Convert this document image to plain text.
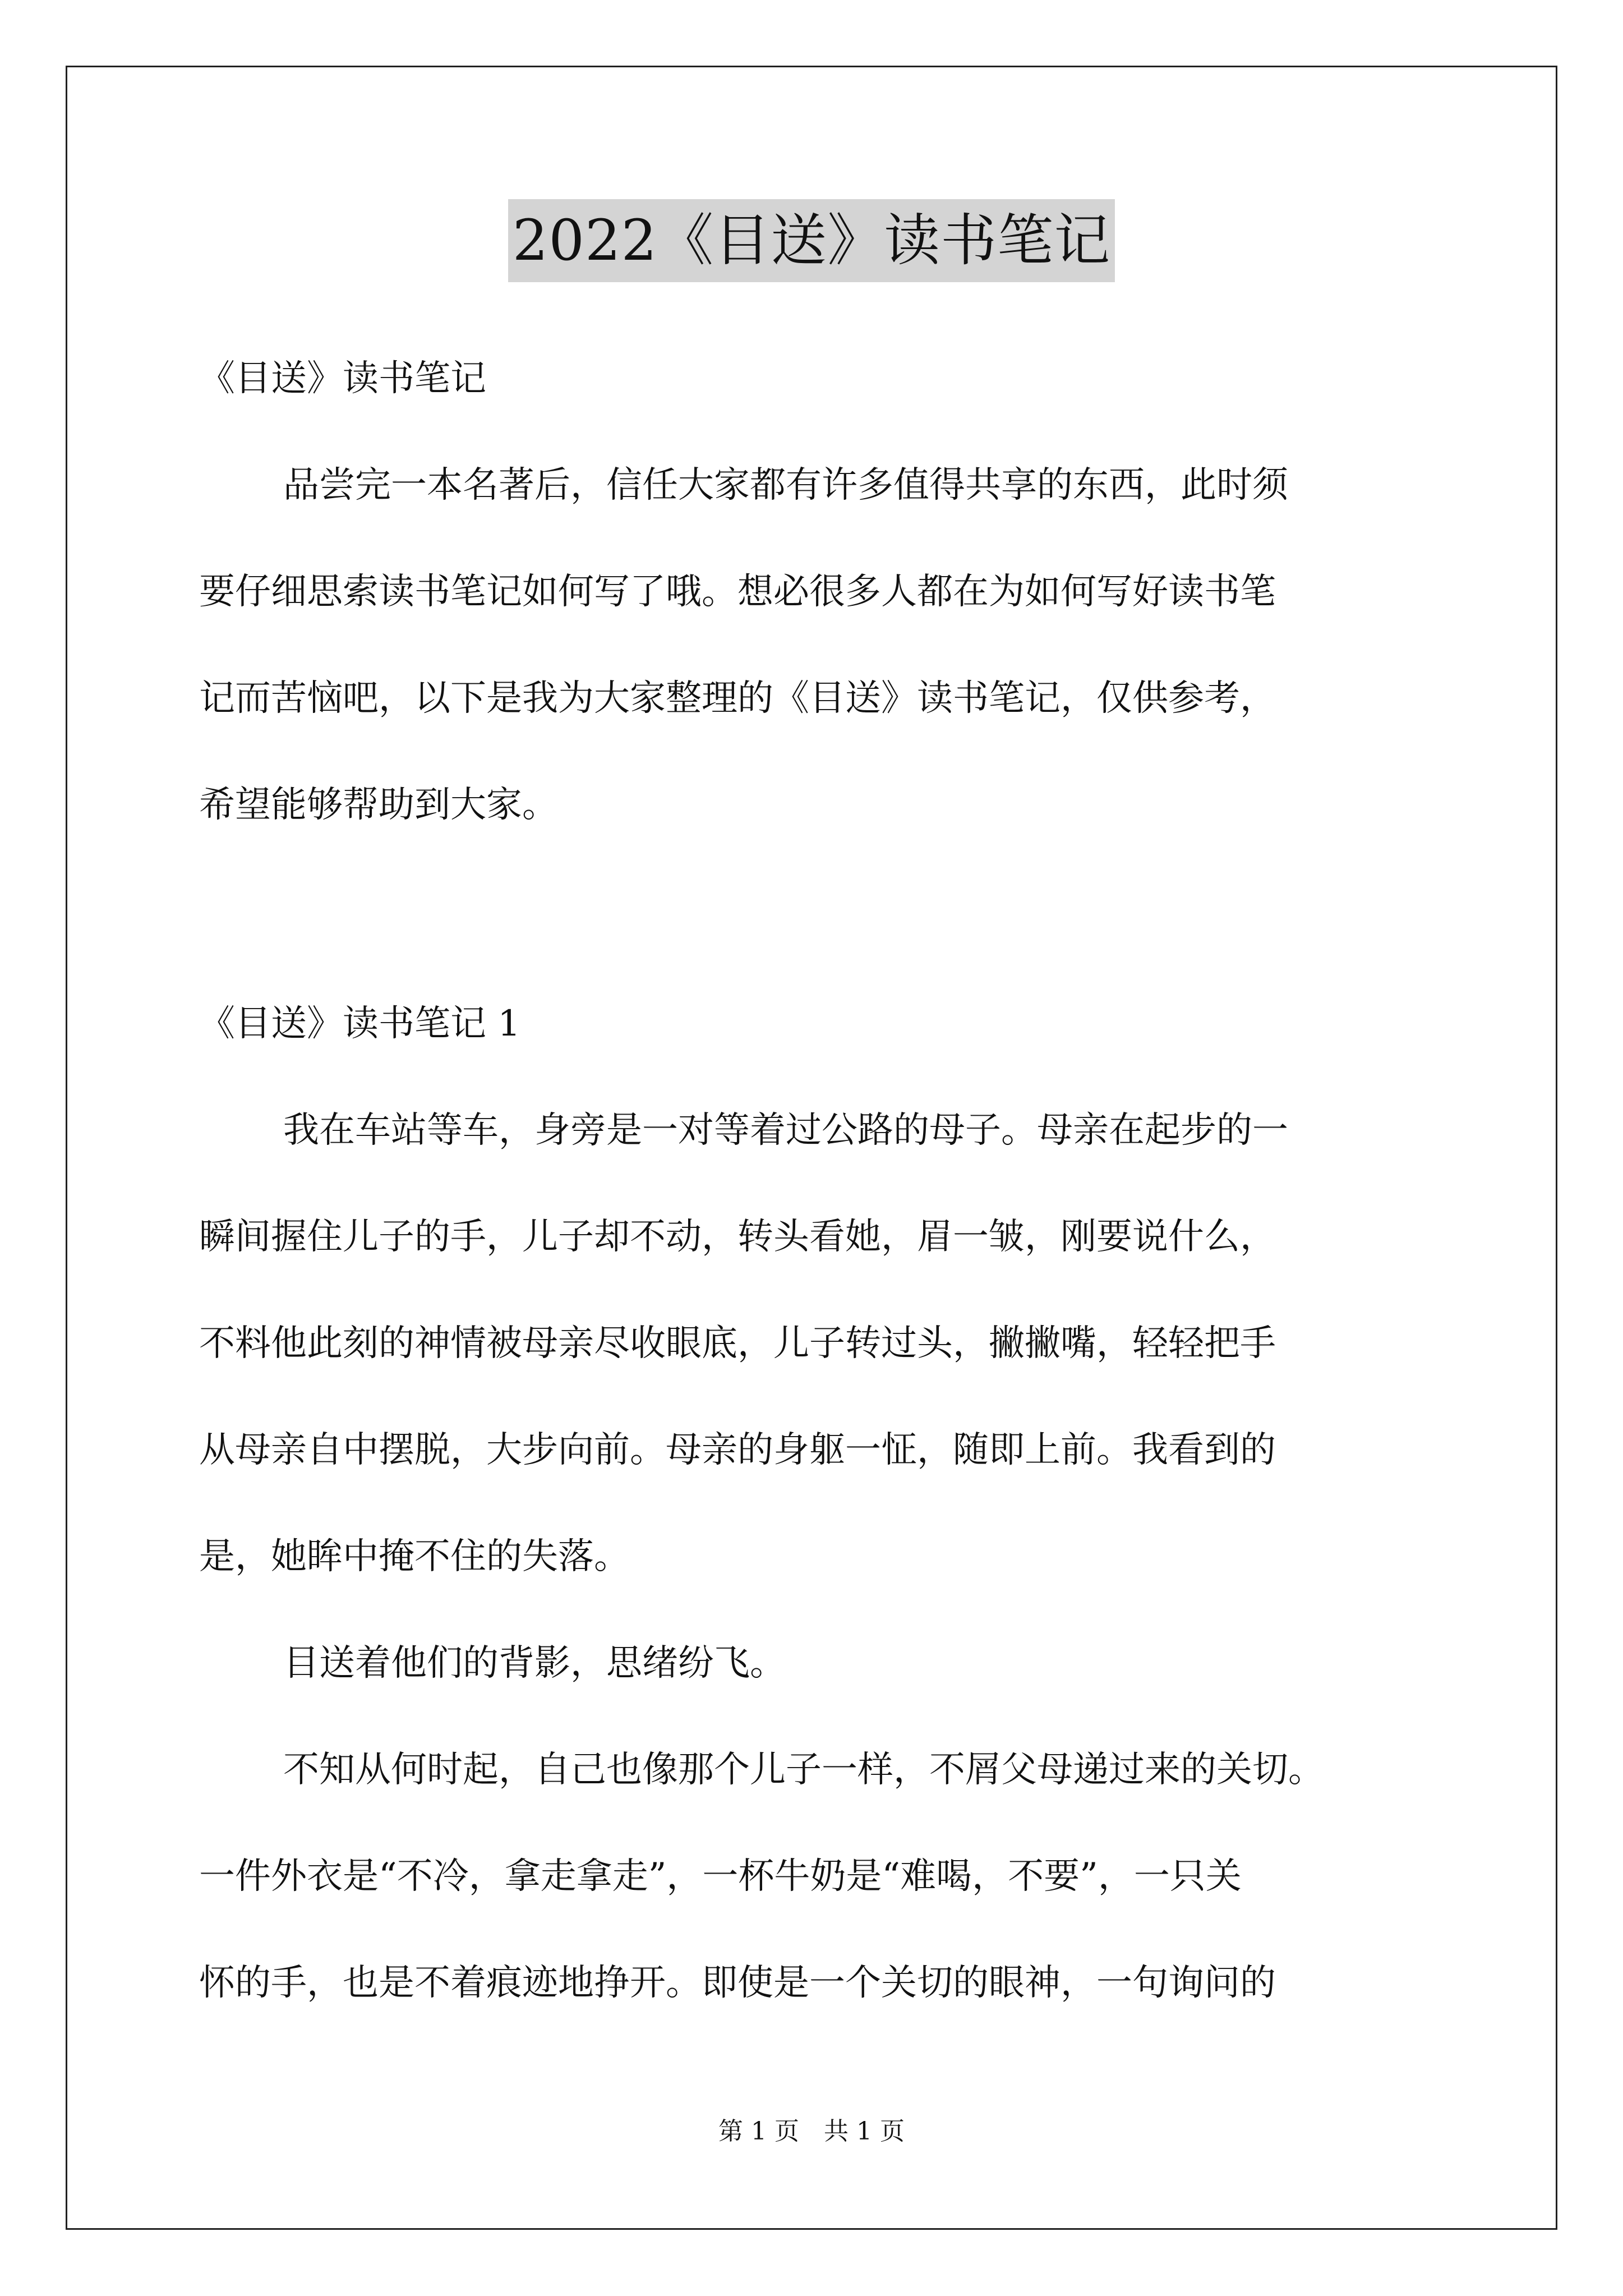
2022《目送》读书笔记
《目送》读书笔记
品尝完一本名著后，信任大家都有许多值得共享的东西，此时须
要仔细思索读书笔记如何写了哦。想必很多人都在为如何写好读书笔
记而苦恼吧，以下是我为大家整理的《目送》读书笔记，仅供参考，
希望能够帮助到大家。
《目送》读书笔记 1
我在车站等车，身旁是一对等着过公路的母子。母亲在起步的一
瞬间握住儿子的手，儿子却不动，转头看她，眉一皱，刚要说什么，
不料他此刻的神情被母亲尽收眼底，儿子转过头，撇撇嘴，轻轻把手
从母亲自中摆脱，大步向前。母亲的身躯一怔，随即上前。我看到的
是，她眸中掩不住的失落。
目送着他们的背影，思绪纷飞。
不知从何时起，自己也像那个儿子一样，不屑父母递过来的关切。
一件外衣是“不冷，拿走拿走”，一杯牛奶是“难喝，不要”，一只关
怀的手，也是不着痕迹地挣开。即使是一个关切的眼神，一句询问的
第 1 页　共 1 页
